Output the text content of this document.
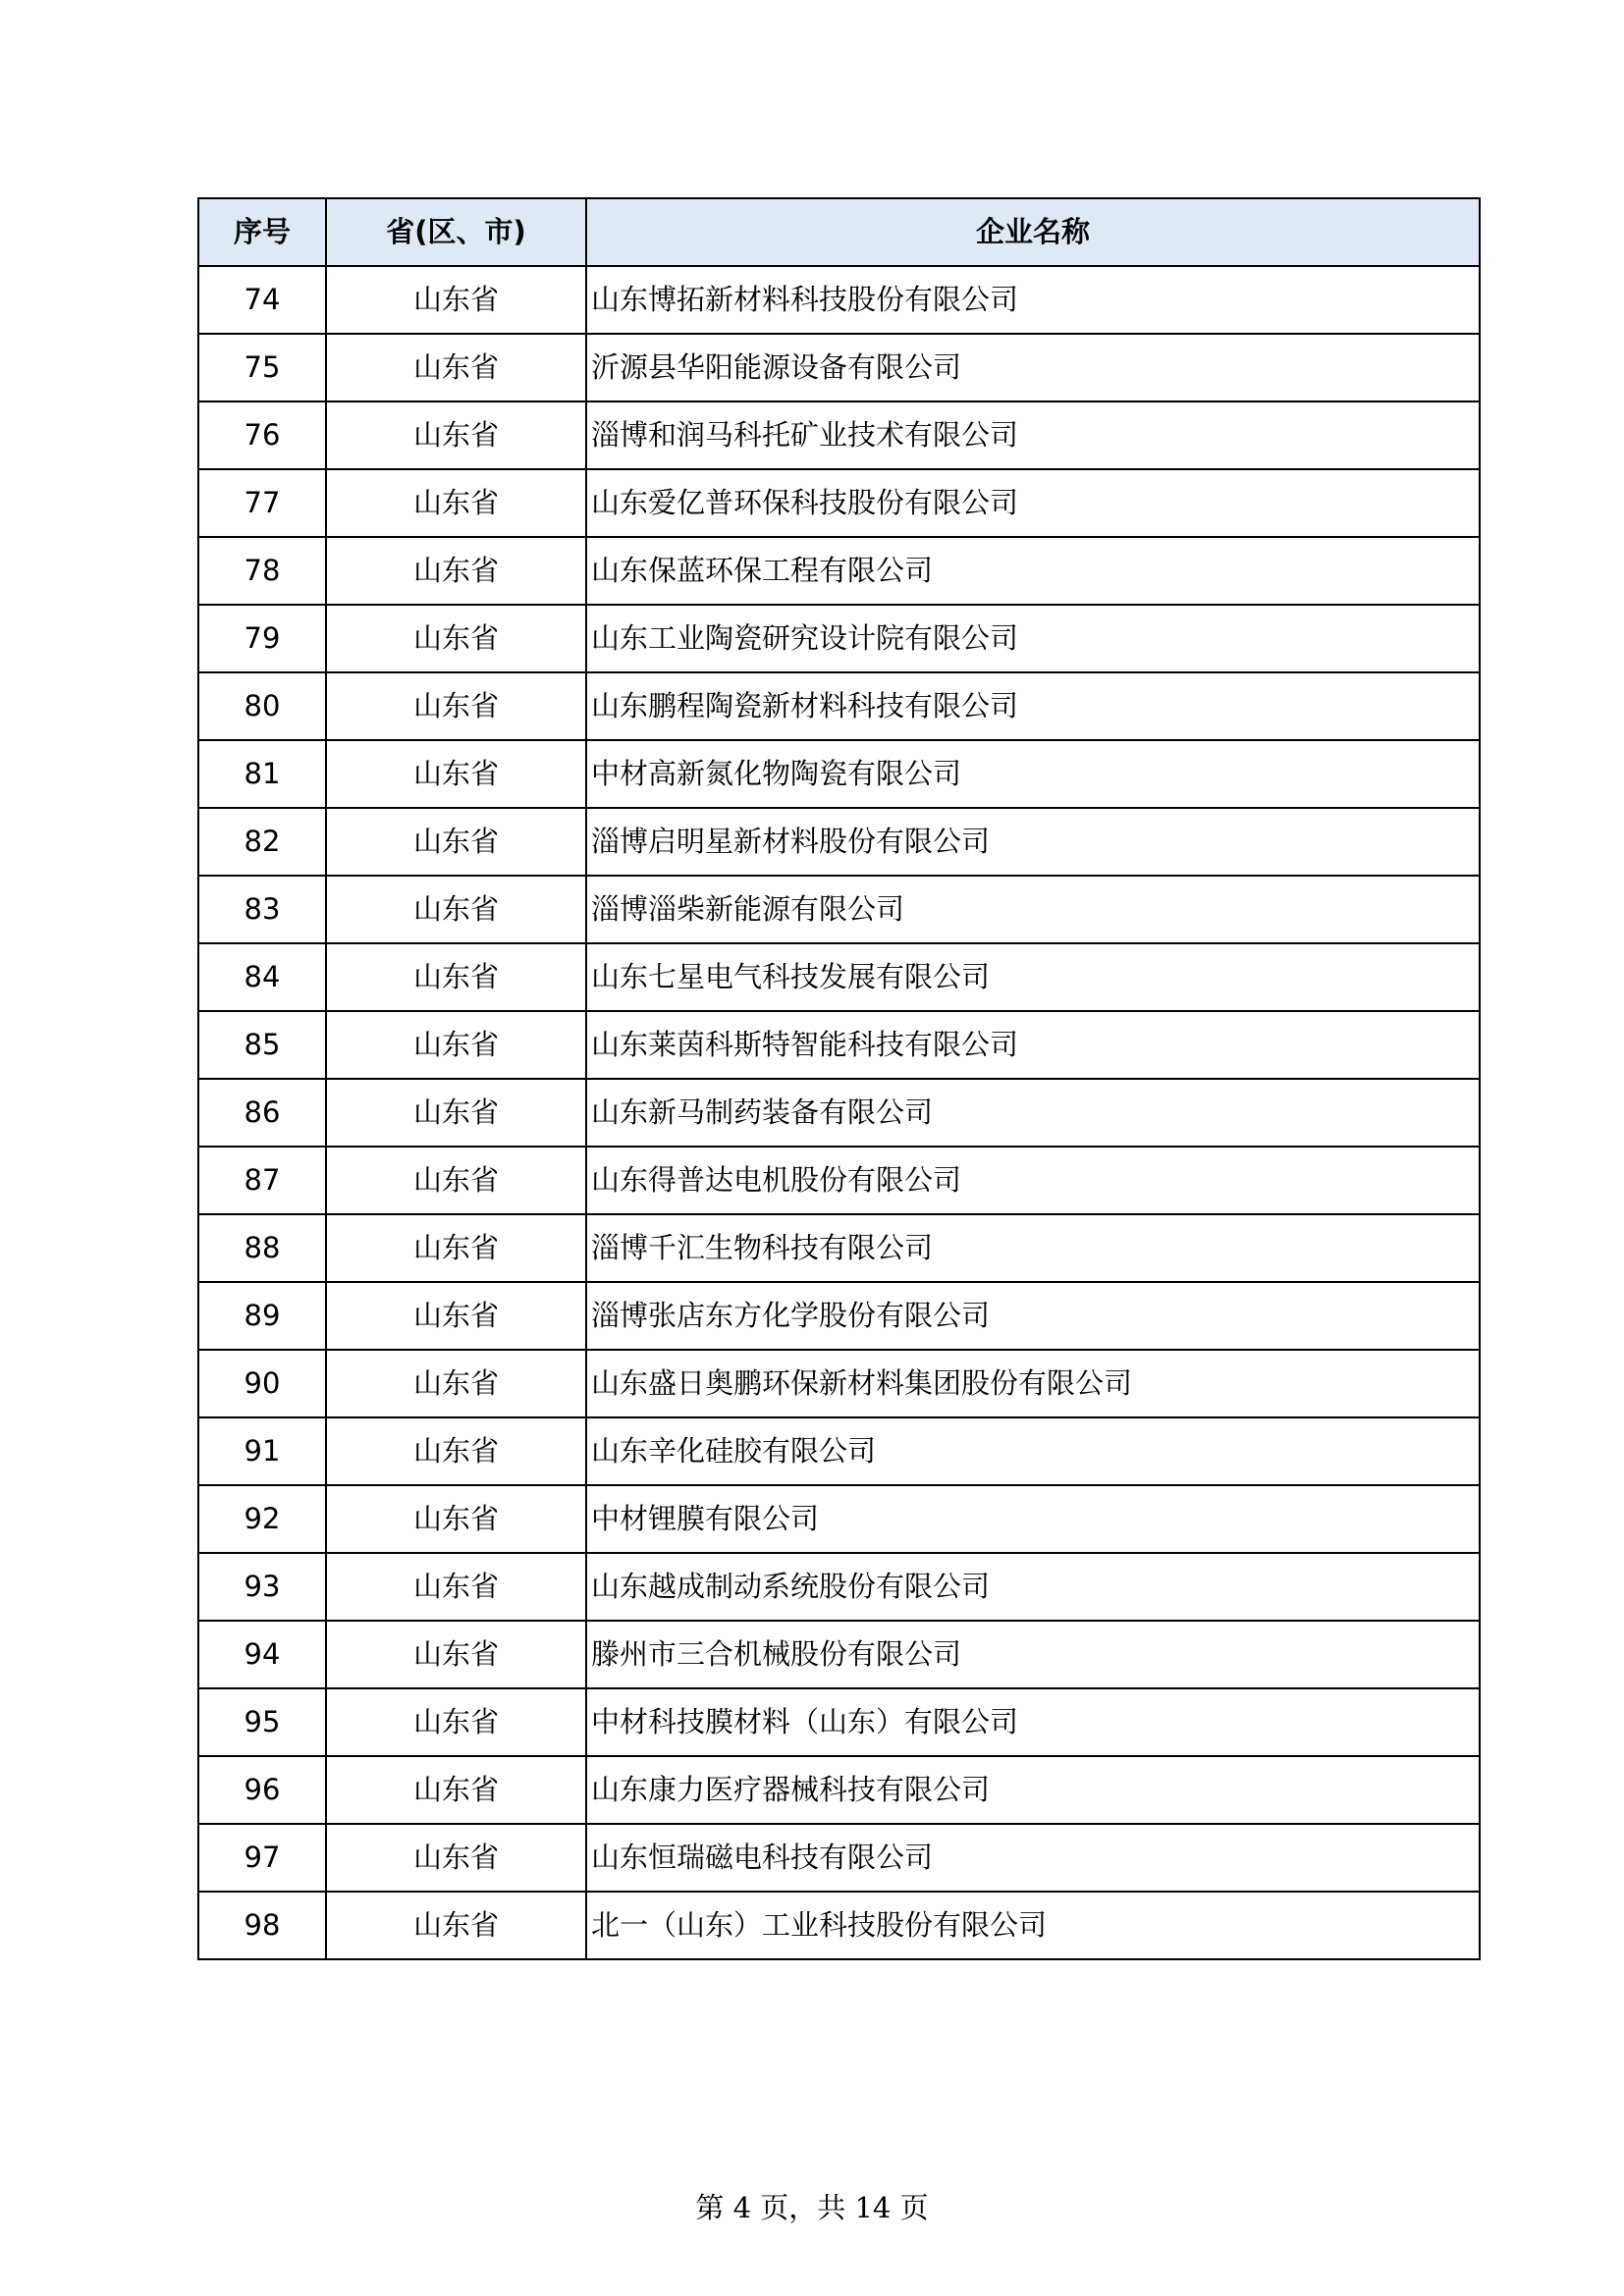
序号	省(区、市)	企业名称
74	山东省	山东博拓新材料科技股份有限公司
75	山东省	沂源县华阳能源设备有限公司
76	山东省	淄博和润马科托矿业技术有限公司
77	山东省	山东爱亿普环保科技股份有限公司
78	山东省	山东保蓝环保工程有限公司
79	山东省	山东工业陶瓷研究设计院有限公司
80	山东省	山东鹏程陶瓷新材料科技有限公司
81	山东省	中材高新氮化物陶瓷有限公司
82	山东省	淄博启明星新材料股份有限公司
83	山东省	淄博淄柴新能源有限公司
84	山东省	山东七星电气科技发展有限公司
85	山东省	山东莱茵科斯特智能科技有限公司
86	山东省	山东新马制药装备有限公司
87	山东省	山东得普达电机股份有限公司
88	山东省	淄博千汇生物科技有限公司
89	山东省	淄博张店东方化学股份有限公司
90	山东省	山东盛日奥鹏环保新材料集团股份有限公司
91	山东省	山东辛化硅胶有限公司
92	山东省	中材锂膜有限公司
93	山东省	山东越成制动系统股份有限公司
94	山东省	滕州市三合机械股份有限公司
95	山东省	中材科技膜材料（山东）有限公司
96	山东省	山东康力医疗器械科技有限公司
97	山东省	山东恒瑞磁电科技有限公司
98	山东省	北一（山东）工业科技股份有限公司
第 4 页，共 14 页
